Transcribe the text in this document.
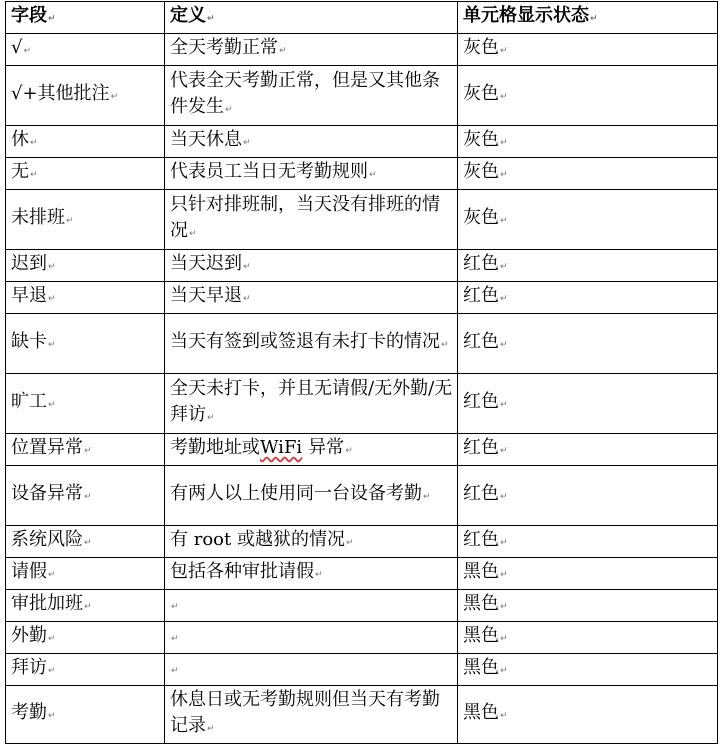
字段↵	定义↵	单元格显示状态↵
√↵	全天考勤正常↵	灰色↵
√+其他批注↵	代表全天考勤正常，但是又其他条件发生↵	灰色↵
休↵	当天休息↵	灰色↵
无↵	代表员工当日无考勤规则↵	灰色↵
未排班↵	只针对排班制，当天没有排班的情况↵	灰色↵
迟到↵	当天迟到↵	红色↵
早退↵	当天早退↵	红色↵
缺卡↵	当天有签到或签退有未打卡的情况↵	红色↵
旷工↵	全天未打卡，并且无请假/无外勤/无拜访↵	红色↵
位置异常↵	考勤地址或WiFi 异常↵	红色↵
设备异常↵	有两人以上使用同一台设备考勤↵	红色↵
系统风险↵	有 root 或越狱的情况↵	红色↵
请假↵	包括各种审批请假↵	黑色↵
审批加班↵	↵	黑色↵
外勤↵	↵	黑色↵
拜访↵	↵	黑色↵
考勤↵	休息日或无考勤规则但当天有考勤记录↵	黑色↵
